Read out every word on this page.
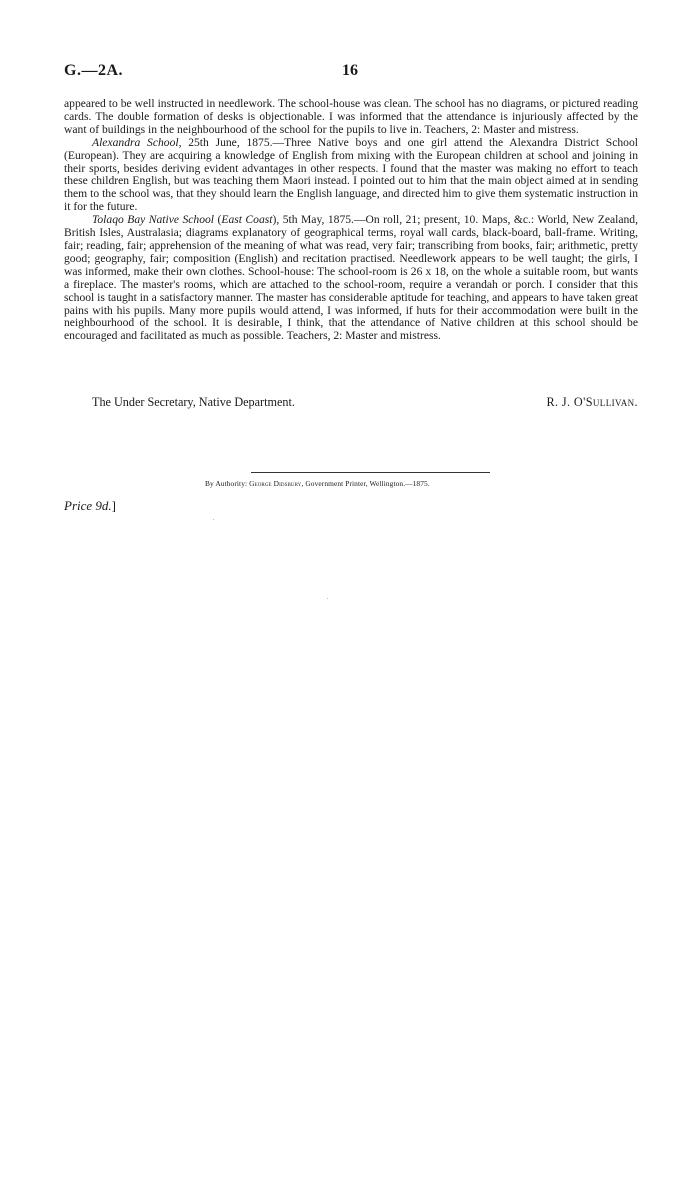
G.—2A.	16

appeared to be well instructed in needlework. The school-house was clean. The school has no diagrams, or pictured reading cards. The double formation of desks is objectionable. I was informed that the attendance is injuriously affected by the want of buildings in the neighbourhood of the school for the pupils to live in. Teachers, 2: Master and mistress.

Alexandra School, 25th June, 1875.—Three Native boys and one girl attend the Alexandra District School (European). They are acquiring a knowledge of English from mixing with the European children at school and joining in their sports, besides deriving evident advantages in other respects. I found that the master was making no effort to teach these children English, but was teaching them Maori instead. I pointed out to him that the main object aimed at in sending them to the school was, that they should learn the English language, and directed him to give them systematic instruction in it for the future.

Tolaqo Bay Native School (East Coast), 5th May, 1875.—On roll, 21; present, 10. Maps, &c.: World, New Zealand, British Isles, Australasia; diagrams explanatory of geographical terms, royal wall cards, black-board, ball-frame. Writing, fair; reading, fair; apprehension of the meaning of what was read, very fair; transcribing from books, fair; arithmetic, pretty good; geography, fair; composition (English) and recitation practised. Needlework appears to be well taught; the girls, I was informed, make their own clothes. School-house: The school-room is 26 x 18, on the whole a suitable room, but wants a fireplace. The master's rooms, which are attached to the school-room, require a verandah or porch. I consider that this school is taught in a satisfactory manner. The master has considerable aptitude for teaching, and appears to have taken great pains with his pupils. Many more pupils would attend, I was informed, if huts for their accommodation were built in the neighbourhood of the school. It is desirable, I think, that the attendance of Native children at this school should be encouraged and facilitated as much as possible. Teachers, 2: Master and mistress.

The Under Secretary, Native Department.	R. J. O'Sullivan.
By Authority: George Didsbury, Government Printer, Wellington.—1875.
Price 9d.]
